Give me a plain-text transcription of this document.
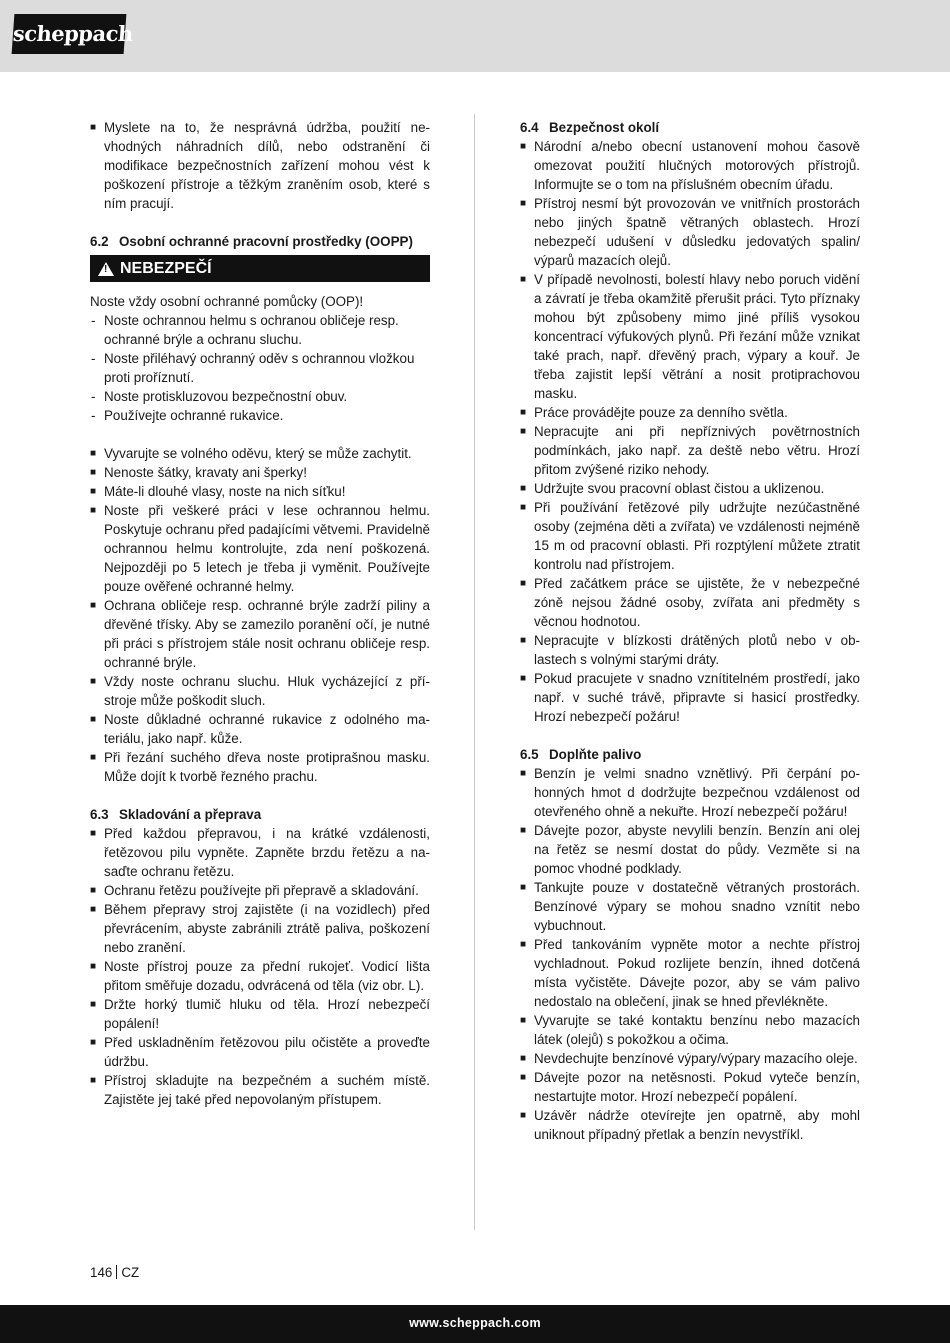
scheppach
■ Myslete na to, že nesprávná údržba, použití nevhodných náhradních dílů, nebo odstranění či modifikace bezpečnostních zařízení mohou vést k poškození přístroje a těžkým zraněním osob, které s ním pracují.
6.2 Osobní ochranné pracovní prostředky (OOPP)
!
NEBEZPEČÍ
Noste vždy osobní ochranné pomůcky (OOP)!
- Noste ochrannou helmu s ochranou obličeje resp. ochranné brýle a ochranu sluchu.
- Noste přiléhavý ochranný oděv s ochrannou vložkou proti proříznutí.
- Noste protiskluzovou bezpečnostní obuv.
- Používejte ochranné rukavice.
■ Vyvarujte se volného oděvu, který se může zachytit.
■ Nenoste šátky, kravaty ani šperky!
■ Máte-li dlouhé vlasy, noste na nich síťku!
■ Noste při veškeré práci v lese ochrannou helmu. Poskytuje ochranu před padajícími větvemi. Pravidelně ochrannou helmu kontrolujte, zda není poškozená. Nejpozději po 5 letech je třeba ji vyměnit. Používejte pouze ověřené ochranné helmy.
■ Ochrana obličeje resp. ochranné brýle zadrží piliny a dřevěné třísky. Aby se zamezilo poranění očí, je nutné při práci s přístrojem stále nosit ochranu obličeje resp. ochranné brýle.
■ Vždy noste ochranu sluchu. Hluk vycházející z přístroje může poškodit sluch.
■ Noste důkladné ochranné rukavice z odolného materiálu, jako např. kůže.
■ Při řezání suchého dřeva noste protiprašnou masku. Může dojít k tvorbě řezného prachu.
6.3 Skladování a přeprava
■ Před každou přepravou, i na krátké vzdálenosti, řetězovou pilu vypněte. Zapněte brzdu řetězu a nasaďte ochranu řetězu.
■ Ochranu řetězu používejte při přepravě a skladování.
■ Během přepravy stroj zajistěte (i na vozidlech) před převrácením, abyste zabránili ztrátě paliva, poškození nebo zranění.
■ Noste přístroj pouze za přední rukojeť. Vodicí lišta přitom směřuje dozadu, odvrácená od těla (viz obr. L).
■ Držte horký tlumič hluku od těla. Hrozí nebezpečí popálení!
■ Před uskladněním řetězovou pilu očistěte a proveďte údržbu.
■ Přístroj skladujte na bezpečném a suchém místě. Zajistěte jej také před nepovolaným přístupem.
6.4 Bezpečnost okolí
■ Národní a/nebo obecní ustanovení mohou časově omezovat použití hlučných motorových přístrojů. Informujte se o tom na příslušném obecním úřadu.
■ Přístroj nesmí být provozován ve vnitřních prostorách nebo jiných špatně větraných oblastech. Hrozí nebezpečí udušení v důsledku jedovatých spalin/ výparů mazacích olejů.
■ V případě nevolnosti, bolestí hlavy nebo poruch vidění a závratí je třeba okamžitě přerušit práci. Tyto příznaky mohou být způsobeny mimo jiné příliš vysokou koncentrací výfukových plynů. Při řezání může vznikat také prach, např. dřevěný prach, výpary a kouř. Je třeba zajistit lepší větrání a nosit protiprachovou masku.
■ Práce provádějte pouze za denního světla.
■ Nepracujte ani při nepříznivých povětrnostních podmínkách, jako např. za deště nebo větru. Hrozí přitom zvýšené riziko nehody.
■ Udržujte svou pracovní oblast čistou a uklizenou.
■ Při používání řetězové pily udržujte nezúčastněné osoby (zejména děti a zvířata) ve vzdálenosti nejméně 15 m od pracovní oblasti. Při rozptýlení můžete ztratit kontrolu nad přístrojem.
■ Před začátkem práce se ujistěte, že v nebezpečné zóně nejsou žádné osoby, zvířata ani předměty s věcnou hodnotou.
■ Nepracujte v blízkosti drátěných plotů nebo v oblastech s volnými starými dráty.
■ Pokud pracujete v snadno vznítitelném prostředí, jako např. v suché trávě, připravte si hasicí prostředky. Hrozí nebezpečí požáru!
6.5 Doplňte palivo
■ Benzín je velmi snadno vznětlivý. Při čerpání pohonných hmot d dodržujte bezpečnou vzdálenost od otevřeného ohně a nekuřte. Hrozí nebezpečí požáru!
■ Dávejte pozor, abyste nevylili benzín. Benzín ani olej na řetěz se nesmí dostat do půdy. Vezměte si na pomoc vhodné podklady.
■ Tankujte pouze v dostatečně větraných prostorách. Benzínové výpary se mohou snadno vznítit nebo vybuchnout.
■ Před tankováním vypněte motor a nechte přístroj vychladnout. Pokud rozlijete benzín, ihned dotčená místa vyčistěte. Dávejte pozor, aby se vám palivo nedostalo na oblečení, jinak se hned převlékněte.
■ Vyvarujte se také kontaktu benzínu nebo mazacích látek (olejů) s pokožkou a očima.
■ Nevdechujte benzínové výpary/výpary mazacího oleje.
■ Dávejte pozor na netěsnosti. Pokud vyteče benzín, nestartujte motor. Hrozí nebezpečí popálení.
■ Uzávěr nádrže otevírejte jen opatrně, aby mohl uniknout případný přetlak a benzín nevystříkl.
146 CZ
www.scheppach.com
